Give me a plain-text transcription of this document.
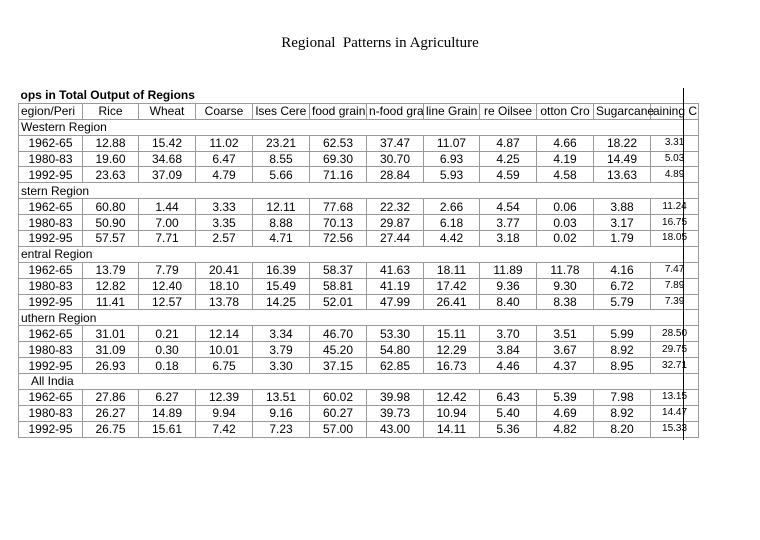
Regional  Patterns in Agriculture
ops in Total Output of Regions											
egion/Peri	Rice	Wheat	Coarse	lses Cere	food grain	n-food gra	line Grain	re Oilsee	otton Cro	Sugarcane	aining C
Western Region											
1962-65	12.88	15.42	11.02	23.21	62.53	37.47	11.07	4.87	4.66	18.22	3.31
1980-83	19.60	34.68	6.47	8.55	69.30	30.70	6.93	4.25	4.19	14.49	5.03
1992-95	23.63	37.09	4.79	5.66	71.16	28.84	5.93	4.59	4.58	13.63	4.89
stern Region											
1962-65	60.80	1.44	3.33	12.11	77.68	22.32	2.66	4.54	0.06	3.88	11.24
1980-83	50.90	7.00	3.35	8.88	70.13	29.87	6.18	3.77	0.03	3.17	16.75
1992-95	57.57	7.71	2.57	4.71	72.56	27.44	4.42	3.18	0.02	1.79	18.05
entral Region											
1962-65	13.79	7.79	20.41	16.39	58.37	41.63	18.11	11.89	11.78	4.16	7.47
1980-83	12.82	12.40	18.10	15.49	58.81	41.19	17.42	9.36	9.30	6.72	7.89
1992-95	11.41	12.57	13.78	14.25	52.01	47.99	26.41	8.40	8.38	5.79	7.39
uthern Region											
1962-65	31.01	0.21	12.14	3.34	46.70	53.30	15.11	3.70	3.51	5.99	28.50
1980-83	31.09	0.30	10.01	3.79	45.20	54.80	12.29	3.84	3.67	8.92	29.75
1992-95	26.93	0.18	6.75	3.30	37.15	62.85	16.73	4.46	4.37	8.95	32.71
All India											
1962-65	27.86	6.27	12.39	13.51	60.02	39.98	12.42	6.43	5.39	7.98	13.15
1980-83	26.27	14.89	9.94	9.16	60.27	39.73	10.94	5.40	4.69	8.92	14.47
1992-95	26.75	15.61	7.42	7.23	57.00	43.00	14.11	5.36	4.82	8.20	15.33
